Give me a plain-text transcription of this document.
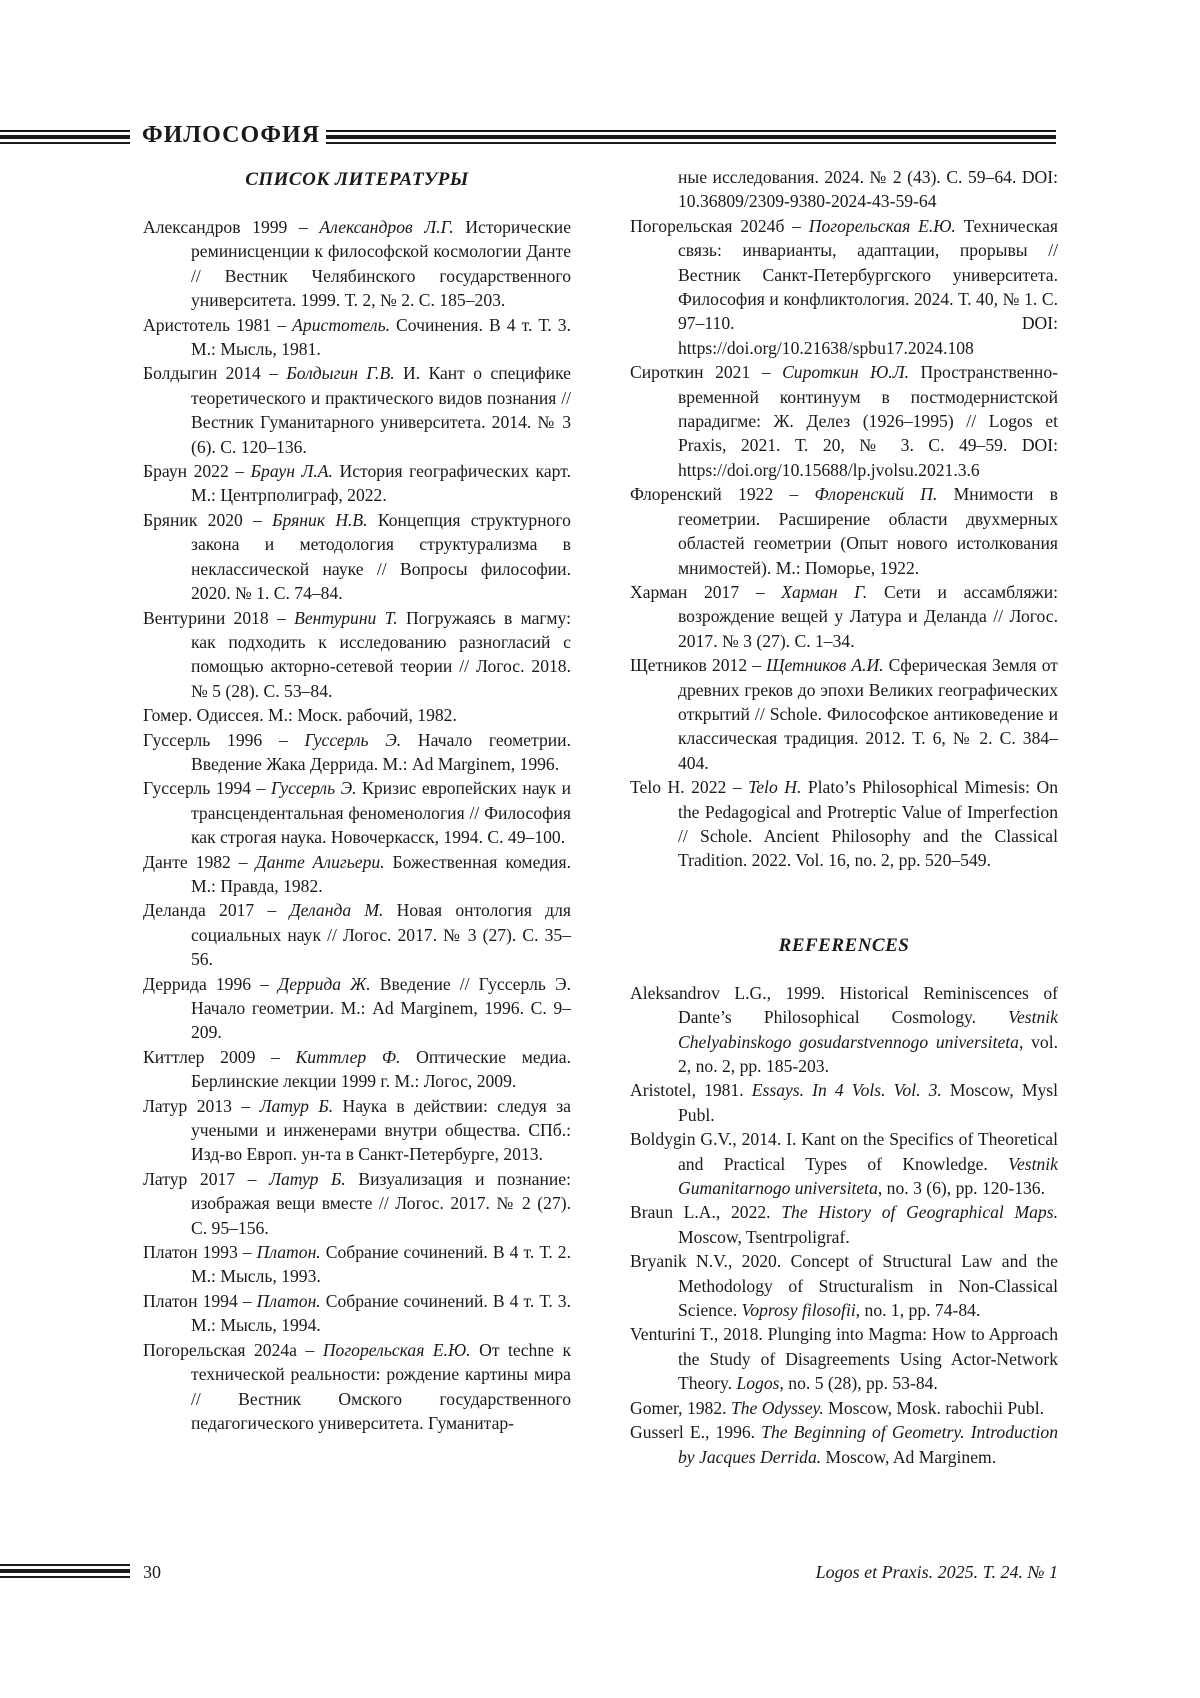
ФИЛОСОФИЯ

СПИСОК ЛИТЕРАТУРЫ

Александров 1999 – Александров Л.Г. Исторические реминисценции к философской космологии Данте // Вестник Челябинского государственного университета. 1999. Т. 2, № 2. С. 185–203.

Аристотель 1981 – Аристотель. Сочинения. В 4 т. Т. 3. М.: Мысль, 1981.

Болдыгин 2014 – Болдыгин Г.В. И. Кант о специфике теоретического и практического видов познания // Вестник Гуманитарного университета. 2014. № 3 (6). С. 120–136.

Браун 2022 – Браун Л.А. История географических карт. М.: Центрполиграф, 2022.

Бряник 2020 – Бряник Н.В. Концепция структурного закона и методология структурализма в неклассической науке // Вопросы философии. 2020. № 1. С. 74–84.

Вентурини 2018 – Вентурини Т. Погружаясь в магму: как подходить к исследованию разногласий с помощью акторно-сетевой теории // Логос. 2018. № 5 (28). С. 53–84.

Гомер. Одиссея. М.: Моск. рабочий, 1982.

Гуссерль 1996 – Гуссерль Э. Начало геометрии. Введение Жака Деррида. М.: Ad Marginem, 1996.

Гуссерль 1994 – Гуссерль Э. Кризис европейских наук и трансцендентальная феноменология // Философия как строгая наука. Новочеркасск, 1994. С. 49–100.

Данте 1982 – Данте Алигьери. Божественная комедия. М.: Правда, 1982.

Деланда 2017 – Деланда М. Новая онтология для социальных наук // Логос. 2017. № 3 (27). С. 35–56.

Деррида 1996 – Деррида Ж. Введение // Гуссерль Э. Начало геометрии. М.: Ad Marginem, 1996. С. 9–209.

Киттлер 2009 – Киттлер Ф. Оптические медиа. Берлинские лекции 1999 г. М.: Логос, 2009.

Латур 2013 – Латур Б. Наука в действии: следуя за учеными и инженерами внутри общества. СПб.: Изд-во Европ. ун-та в Санкт-Петербурге, 2013.

Латур 2017 – Латур Б. Визуализация и познание: изображая вещи вместе // Логос. 2017. № 2 (27). С. 95–156.

Платон 1993 – Платон. Собрание сочинений. В 4 т. Т. 2. М.: Мысль, 1993.

Платон 1994 – Платон. Собрание сочинений. В 4 т. Т. 3. М.: Мысль, 1994.

Погорельская 2024а – Погорельская Е.Ю. От techne к технической реальности: рождение картины мира // Вестник Омского государственного педагогического университета. Гуманитар-

ные исследования. 2024. № 2 (43). С. 59–64. DOI: 10.36809/2309-9380-2024-43-59-64

Погорельская 2024б – Погорельская Е.Ю. Техническая связь: инварианты, адаптации, прорывы // Вестник Санкт-Петербургского университета. Философия и конфликтология. 2024. Т. 40, № 1. С. 97–110. DOI: https://doi.org/10.21638/spbu17.2024.108

Сироткин 2021 – Сироткин Ю.Л. Пространственно-временной континуум в постмодернистской парадигме: Ж. Делез (1926–1995) // Logos et Praxis, 2021. Т. 20, № 3. С. 49–59. DOI: https://doi.org/10.15688/lp.jvolsu.2021.3.6

Флоренский 1922 – Флоренский П. Мнимости в геометрии. Расширение области двухмерных областей геометрии (Опыт нового истолкования мнимостей). М.: Поморье, 1922.

Харман 2017 – Харман Г. Сети и ассамбляжи: возрождение вещей у Латура и Деланда // Логос. 2017. № 3 (27). С. 1–34.

Щетников 2012 – Щетников А.И. Сферическая Земля от древних греков до эпохи Великих географических открытий // Schole. Философское антиковедение и классическая традиция. 2012. Т. 6, № 2. С. 384–404.

Telo H. 2022 – Telo H. Plato’s Philosophical Mimesis: On the Pedagogical and Protreptic Value of Imperfection // Schole. Ancient Philosophy and the Classical Tradition. 2022. Vol. 16, no. 2, pp. 520–549.

REFERENCES

Aleksandrov L.G., 1999. Historical Reminiscences of Dante’s Philosophical Cosmology. Vestnik Chelyabinskogo gosudarstvennogo universiteta, vol. 2, no. 2, pp. 185-203.

Aristotel, 1981. Essays. In 4 Vols. Vol. 3. Moscow, Mysl Publ.

Boldygin G.V., 2014. I. Kant on the Specifics of Theoretical and Practical Types of Knowledge. Vestnik Gumanitarnogo universiteta, no. 3 (6), pp. 120-136.

Braun L.A., 2022. The History of Geographical Maps. Moscow, Tsentrpoligraf.

Bryanik N.V., 2020. Concept of Structural Law and the Methodology of Structuralism in Non-Classical Science. Voprosy filosofii, no. 1, pp. 74-84.

Venturini T., 2018. Plunging into Magma: How to Approach the Study of Disagreements Using Actor-Network Theory. Logos, no. 5 (28), pp. 53-84.

Gomer, 1982. The Odyssey. Moscow, Mosk. rabochii Publ.

Gusserl E., 1996. The Beginning of Geometry. Introduction by Jacques Derrida. Moscow, Ad Marginem.

30	Logos et Praxis. 2025. Т. 24. № 1
